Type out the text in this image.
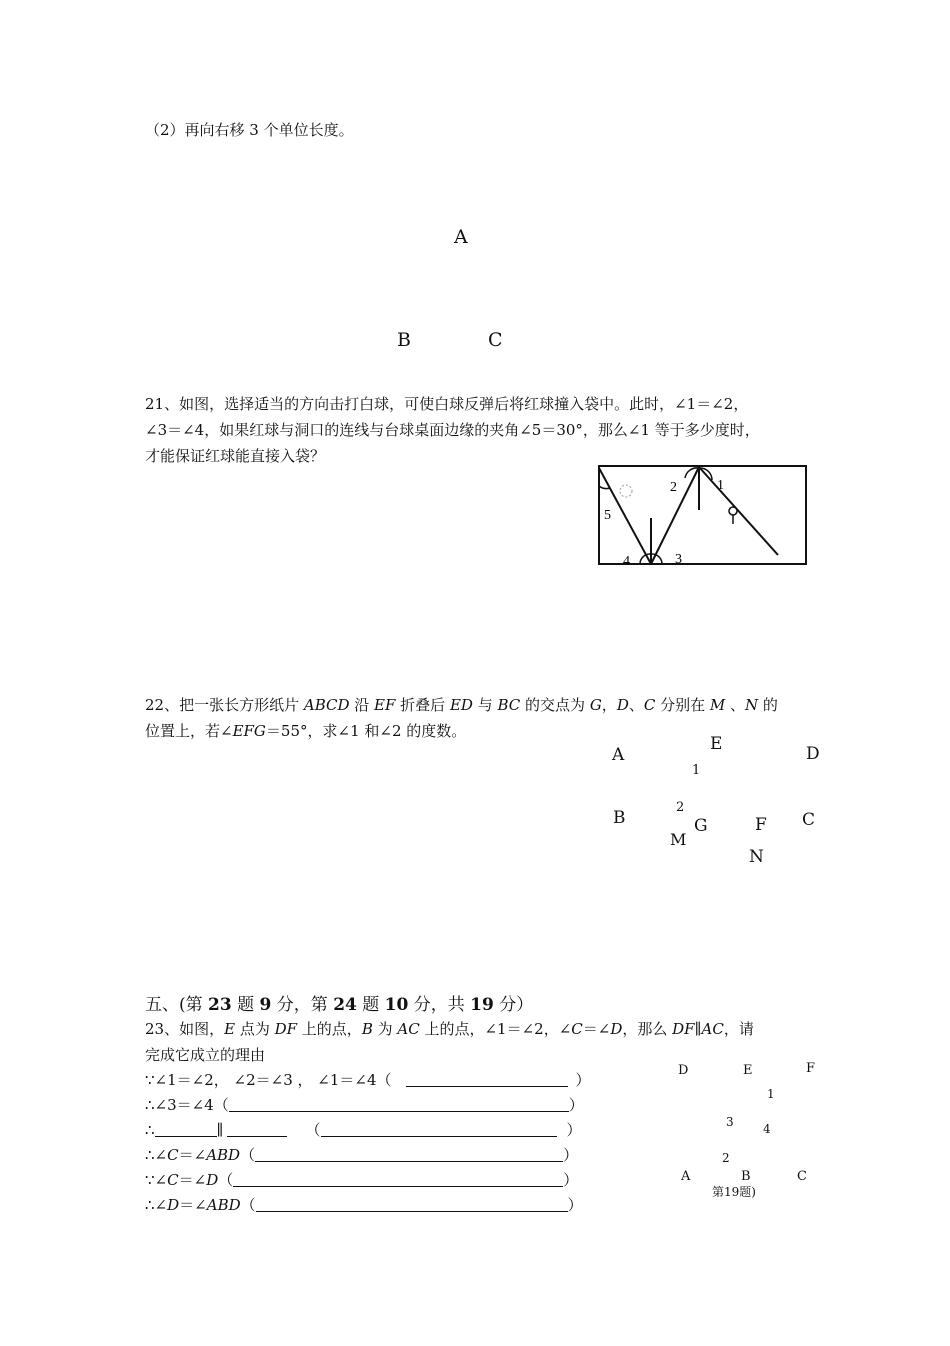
（2）再向右移 3 个单位长度。
A
B	C
21、如图，选择适当的方向击打白球，可使白球反弹后将红球撞入袋中。此时，∠1＝∠2，
∠3＝∠4，如果红球与洞口的连线与台球桌面边缘的夹角∠5＝30°，那么∠1 等于多少度时，
才能保证红球能直接入袋？
5
4	3
2	1
22、把一张长方形纸片 ABCD 沿 EF 折叠后 ED 与 BC 的交点为 G，D、C 分别在 M 、N 的
位置上，若∠EFG＝55°，求∠1 和∠2 的度数。
A
E	D
1
2
B	G	F C
M
N
五、(第 23 题 9 分，第 24 题 10 分，共 19 分）
23、如图，E 点为 DF 上的点，B 为 AC 上的点，∠1＝∠2，∠C＝∠D，那么 DF∥AC，请
完成它成立的理由
∵∠1＝∠2， ∠2＝∠3 ， ∠1＝∠4（	）
∴∠3＝∠4（	）
∴	∥	（	）
∴∠C＝∠ABD（	）
∵∠C＝∠D（	）
∴∠D＝∠ABD（	）
D	E	F
1
3 4
2
A	B	C
第19题)
